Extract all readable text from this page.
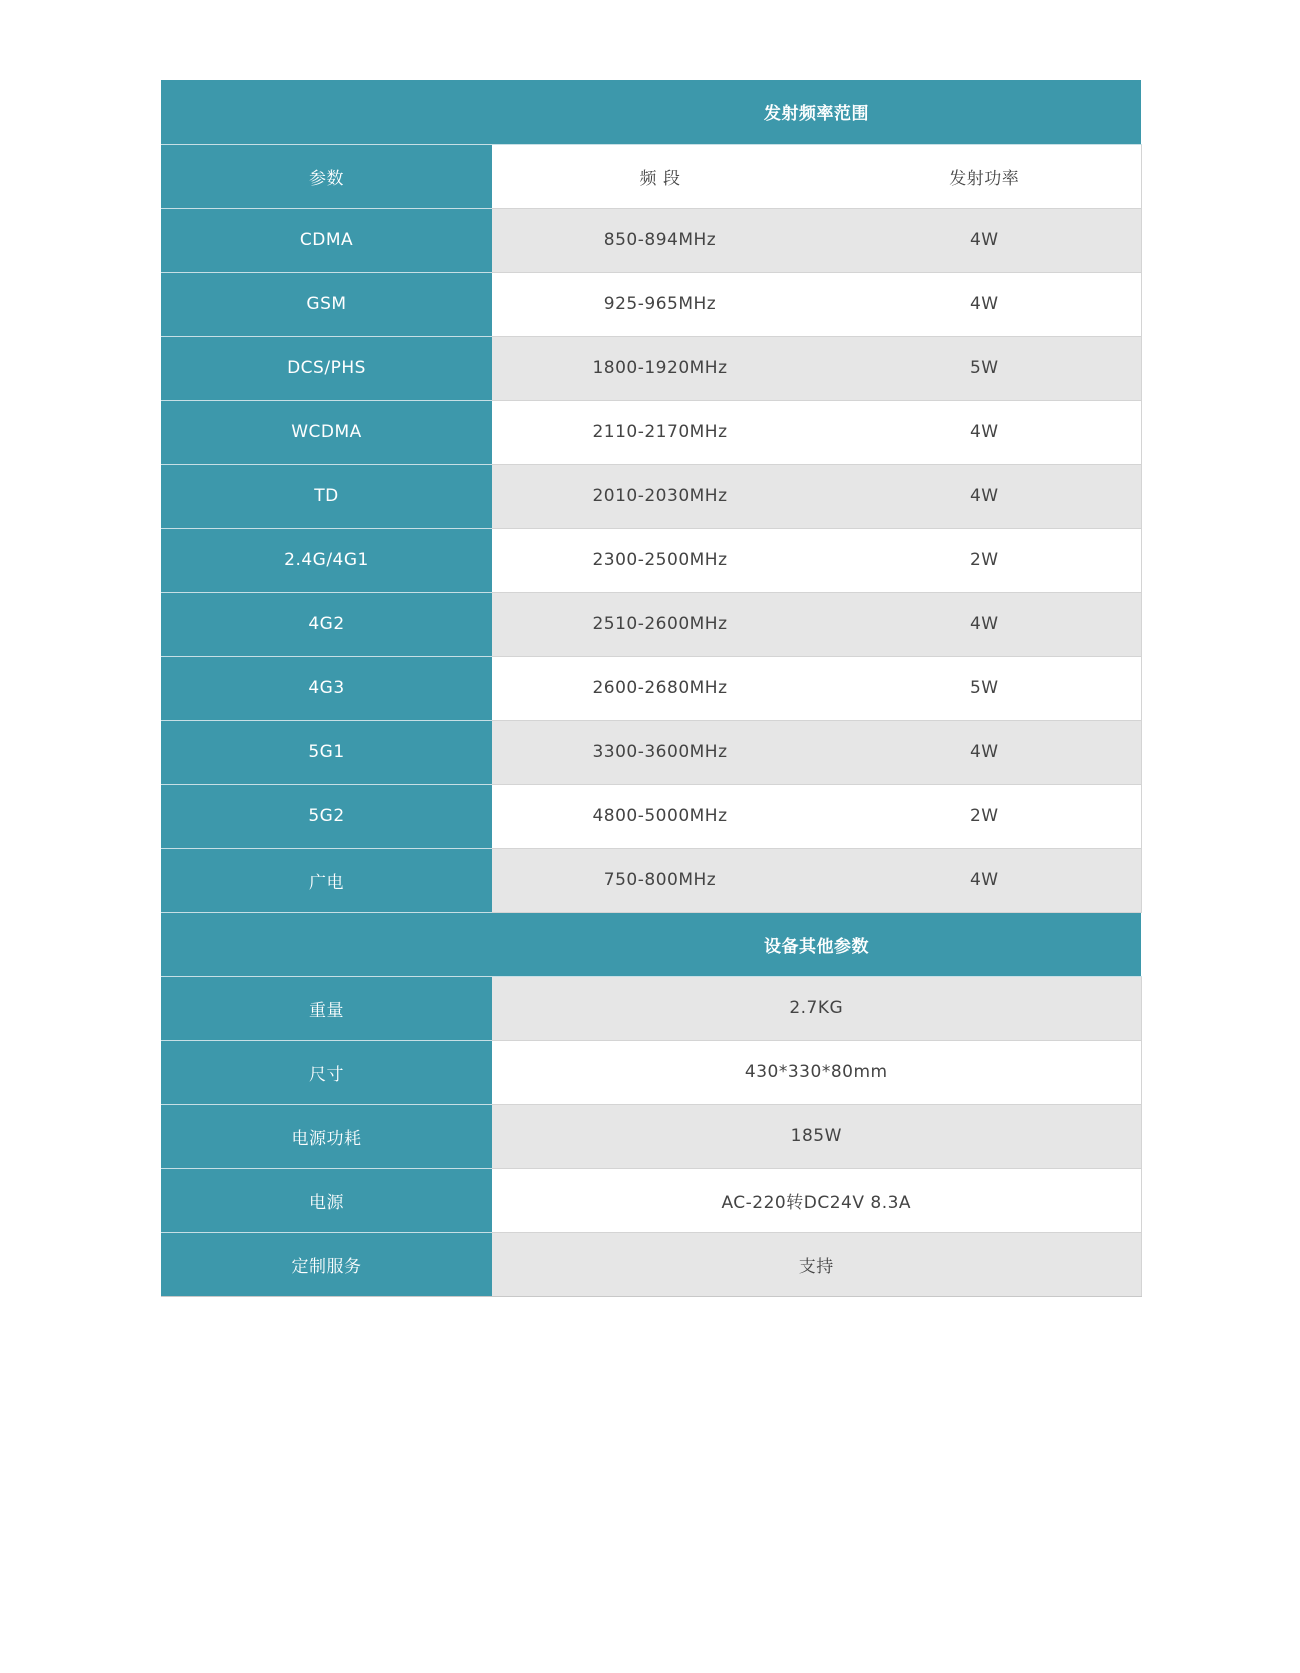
发射频率范围		
参数	频 段	发射功率
CDMA	850-894MHz	4W
GSM	925-965MHz	4W
DCS/PHS	1800-1920MHz	5W
WCDMA	2110-2170MHz	4W
TD	2010-2030MHz	4W
2.4G/4G1	2300-2500MHz	2W
4G2	2510-2600MHz	4W
4G3	2600-2680MHz	5W
5G1	3300-3600MHz	4W
5G2	4800-5000MHz	2W
广电	750-800MHz	4W
设备其他参数		
重量	2.7KG	
尺寸	430*330*80mm	
电源功耗	185W	
电源	AC-220转DC24V 8.3A	
定制服务	支持	
